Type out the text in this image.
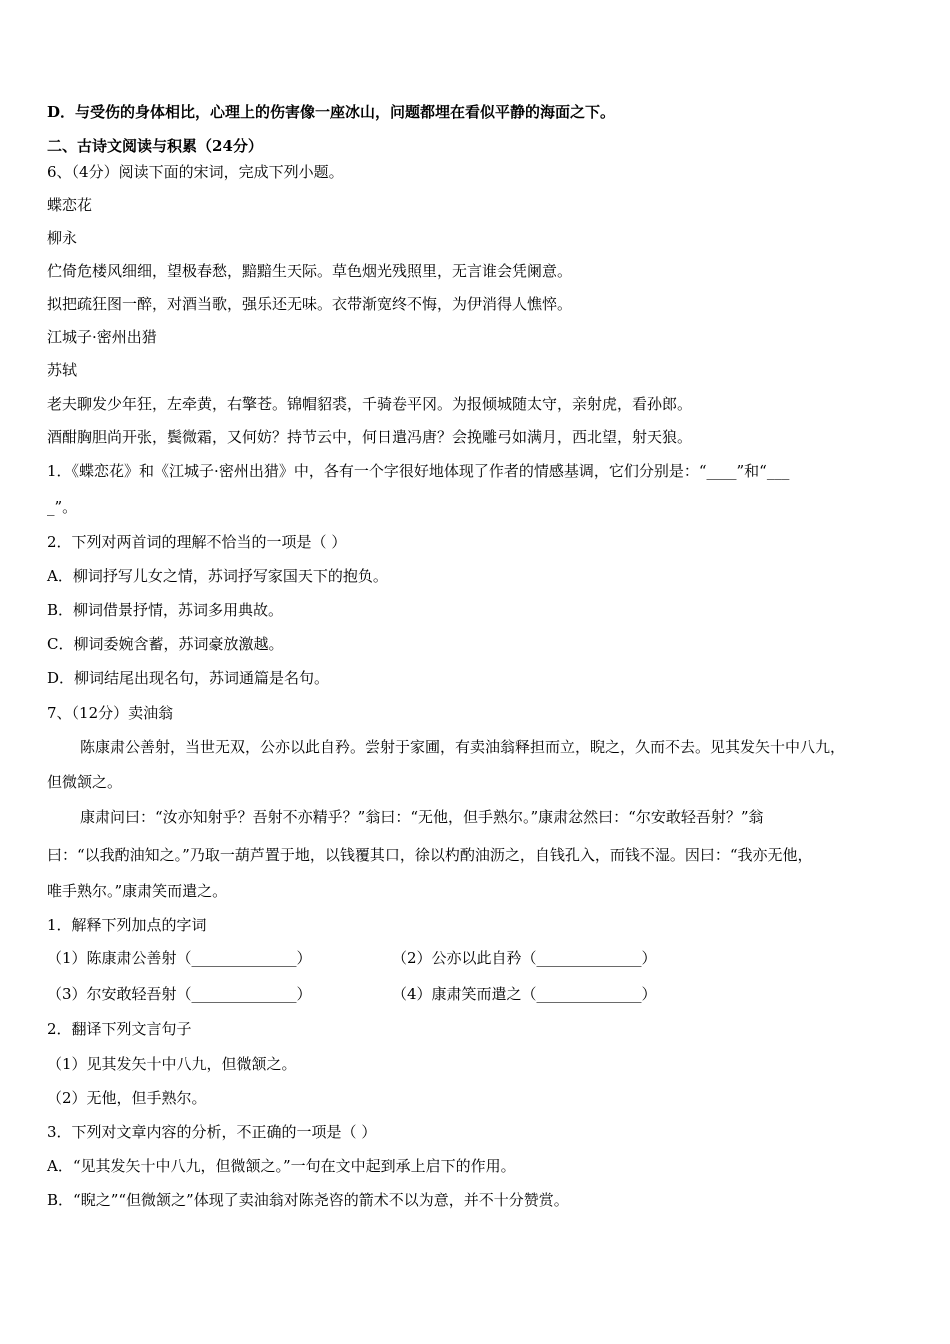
D．与受伤的身体相比，心理上的伤害像一座冰山，问题都埋在看似平静的海面之下。
二、古诗文阅读与积累（24分）
6、（4分）阅读下面的宋词，完成下列小题。
蝶恋花
柳永
伫倚危楼风细细，望极春愁，黯黯生天际。草色烟光残照里，无言谁会凭阑意。
拟把疏狂图一醉，对酒当歌，强乐还无味。衣带渐宽终不悔，为伊消得人憔悴。
江城子·密州出猎
苏轼
老夫聊发少年狂，左牵黄，右擎苍。锦帽貂裘，千骑卷平冈。为报倾城随太守，亲射虎，看孙郎。
酒酣胸胆尚开张，鬓微霜，又何妨？持节云中，何日遣冯唐？会挽雕弓如满月，西北望，射天狼。
1．《蝶恋花》和《江城子·密州出猎》中，各有一个字很好地体现了作者的情感基调，它们分别是：“____”和“___
_”。
2．下列对两首词的理解不恰当的一项是（ ）
A．柳词抒写儿女之情，苏词抒写家国天下的抱负。
B．柳词借景抒情，苏词多用典故。
C．柳词委婉含蓄，苏词豪放激越。
D．柳词结尾出现名句，苏词通篇是名句。
7、（12分）卖油翁
陈康肃公善射，当世无双，公亦以此自矜。尝射于家圃，有卖油翁释担而立，睨之，久而不去。见其发矢十中八九，
但微颔之。
康肃问曰：“汝亦知射乎？吾射不亦精乎？”翁曰：“无他，但手熟尔。”康肃忿然曰：“尔安敢轻吾射？”翁
曰：“以我酌油知之。”乃取一葫芦置于地，以钱覆其口，徐以杓酌油沥之，自钱孔入，而钱不湿。因曰：“我亦无他，
唯手熟尔。”康肃笑而遣之。
1．解释下列加点的字词
（1）陈康肃公善射（______________）	（2）公亦以此自矜（______________）
（3）尔安敢轻吾射（______________）	（4）康肃笑而遣之（______________）
2．翻译下列文言句子
（1）见其发矢十中八九，但微颔之。
（2）无他，但手熟尔。
3．下列对文章内容的分析，不正确的一项是（ ）
A．“见其发矢十中八九，但微颔之。”一句在文中起到承上启下的作用。
B．“睨之”“但微颔之”体现了卖油翁对陈尧咨的箭术不以为意，并不十分赞赏。
